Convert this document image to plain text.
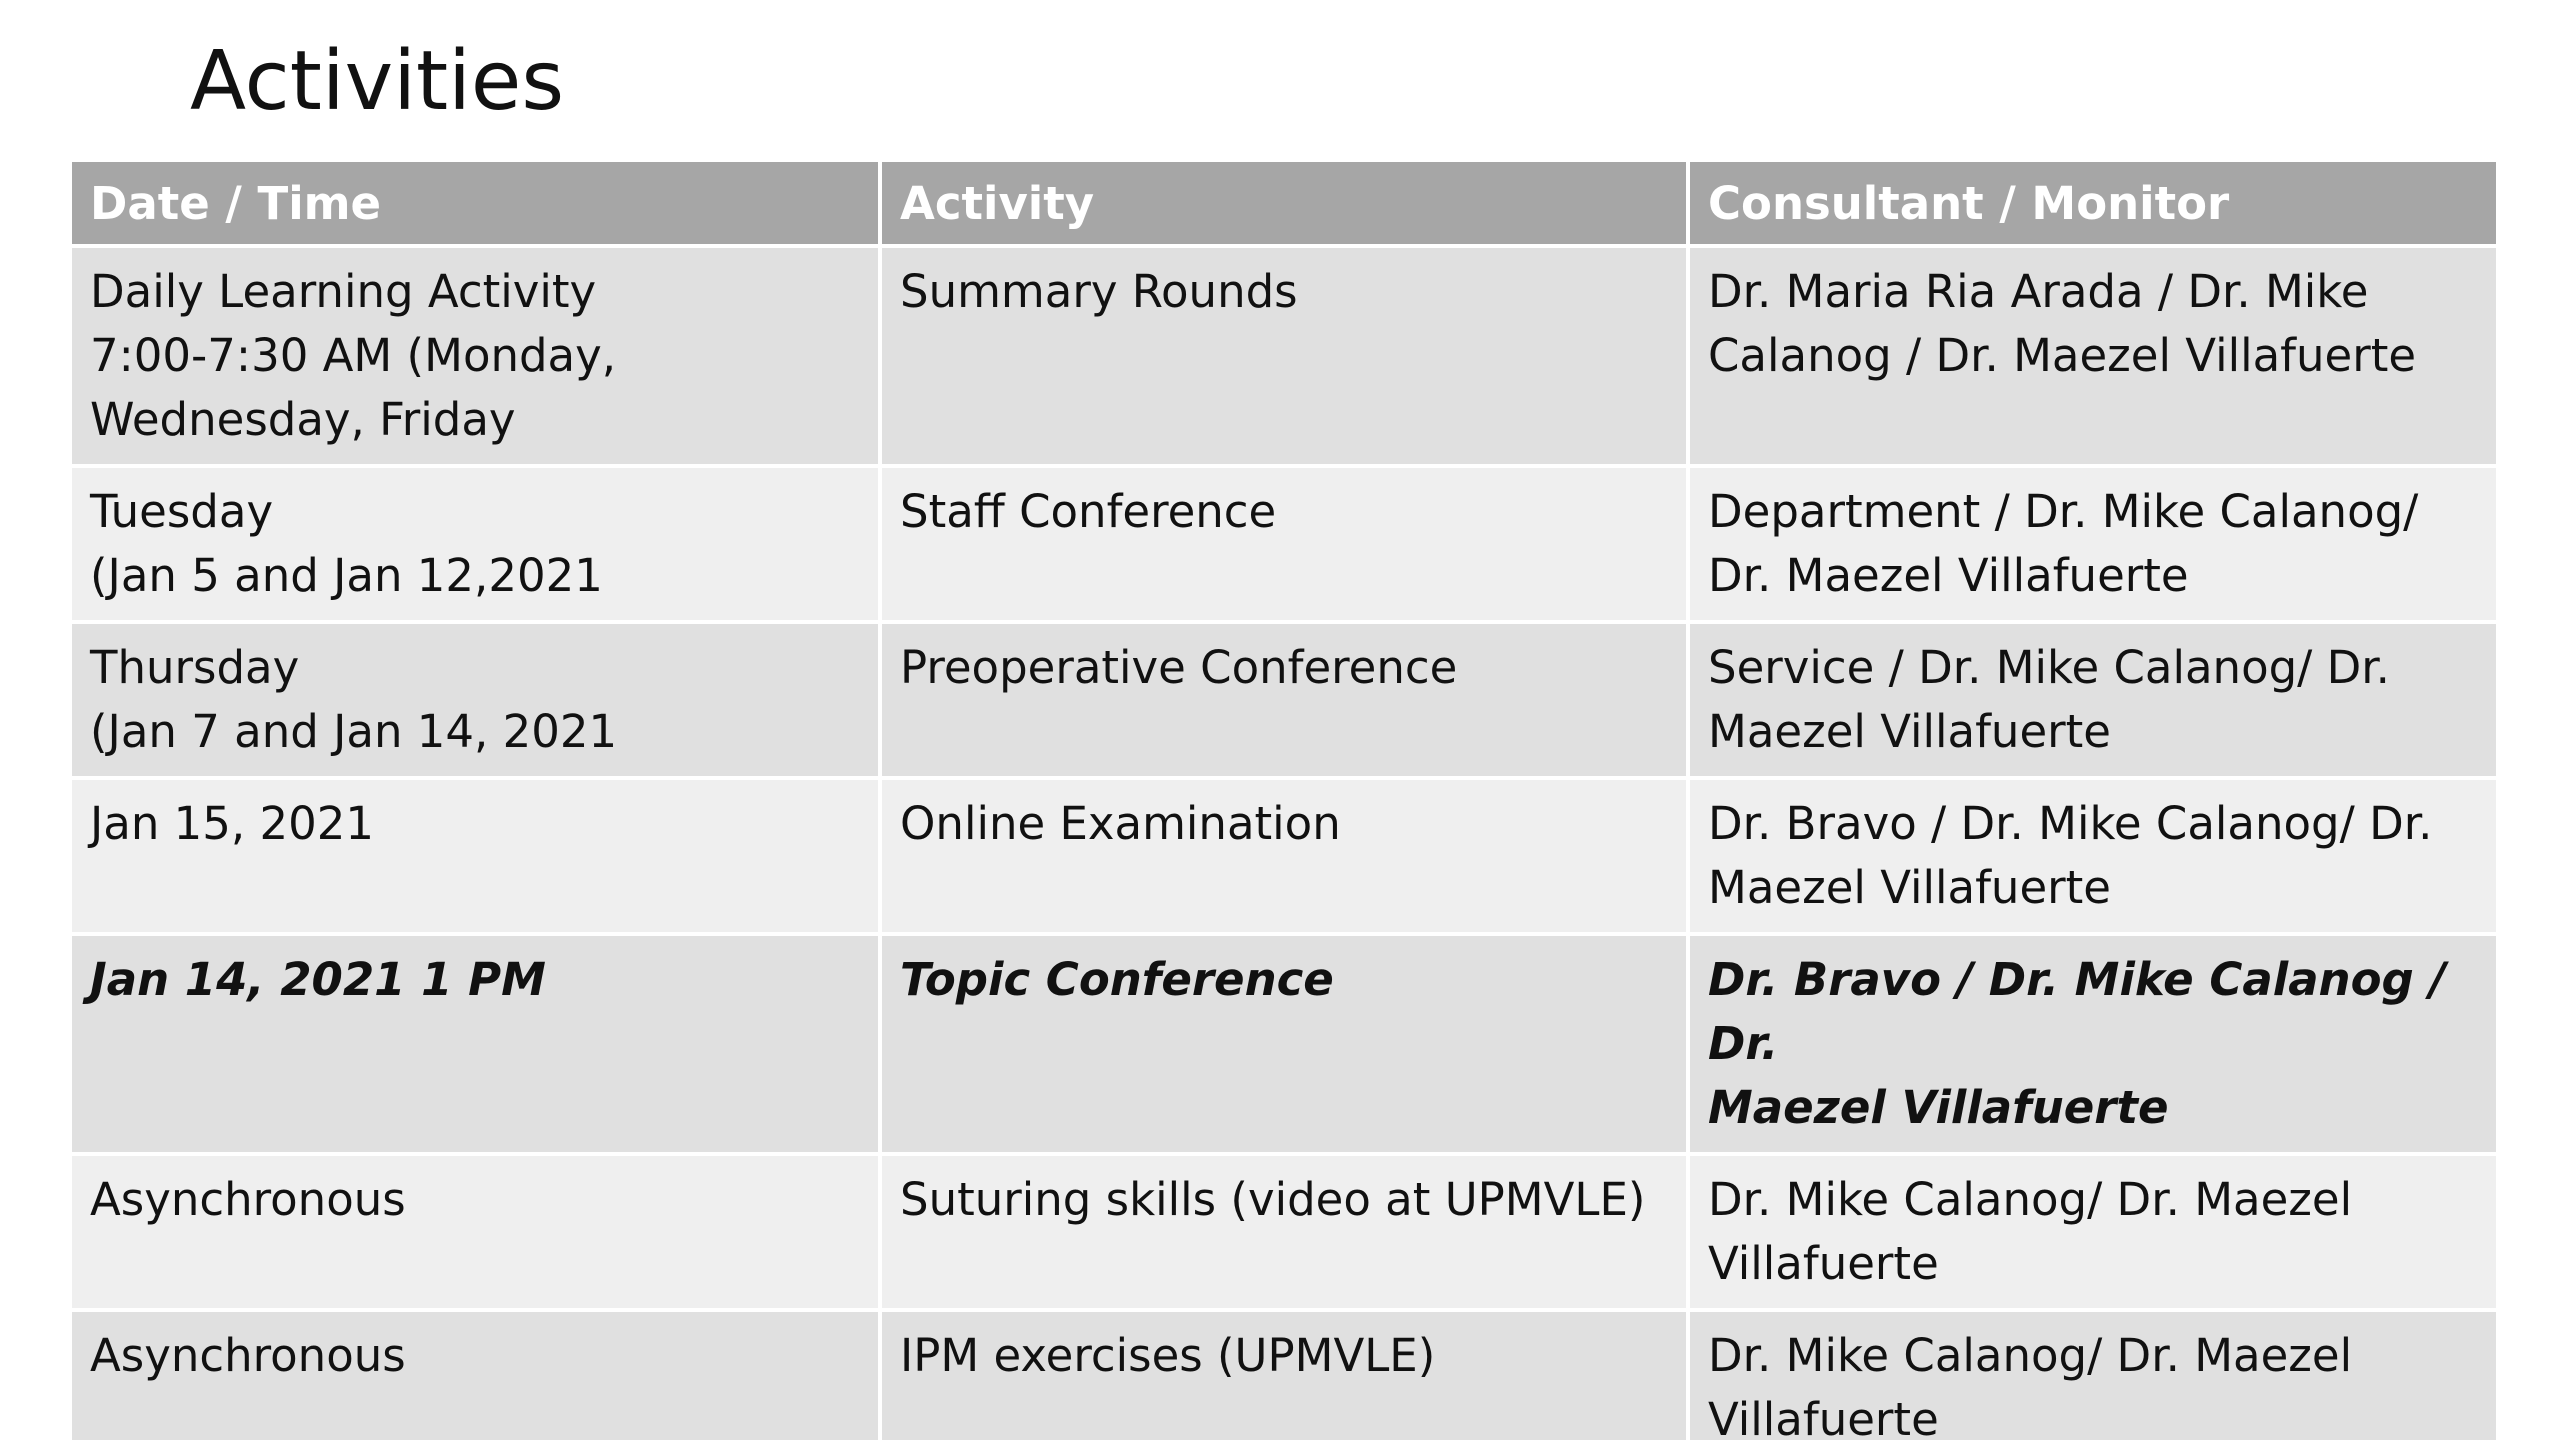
Activities
Date / Time	Activity	Consultant / Monitor

Daily Learning Activity
7:00-7:30 AM (Monday,
Wednesday, Friday	Summary Rounds	Dr. Maria Ria Arada / Dr. Mike
Calanog / Dr. Maezel Villafuerte

Tuesday
(Jan 5 and Jan 12,2021	Staff Conference	Department / Dr. Mike Calanog/
Dr. Maezel Villafuerte

Thursday
(Jan 7 and Jan 14, 2021	Preoperative Conference	Service / Dr. Mike Calanog/ Dr.
Maezel Villafuerte

Jan 15, 2021	Online Examination	Dr. Bravo / Dr. Mike Calanog/ Dr.
Maezel Villafuerte

Jan 14, 2021 1 PM	Topic Conference	Dr. Bravo / Dr. Mike Calanog / Dr.
Maezel Villafuerte

Asynchronous	Suturing skills (video at UPMVLE)	Dr. Mike Calanog/ Dr. Maezel
Villafuerte

Asynchronous	IPM exercises (UPMVLE)	Dr. Mike Calanog/ Dr. Maezel
Villafuerte
